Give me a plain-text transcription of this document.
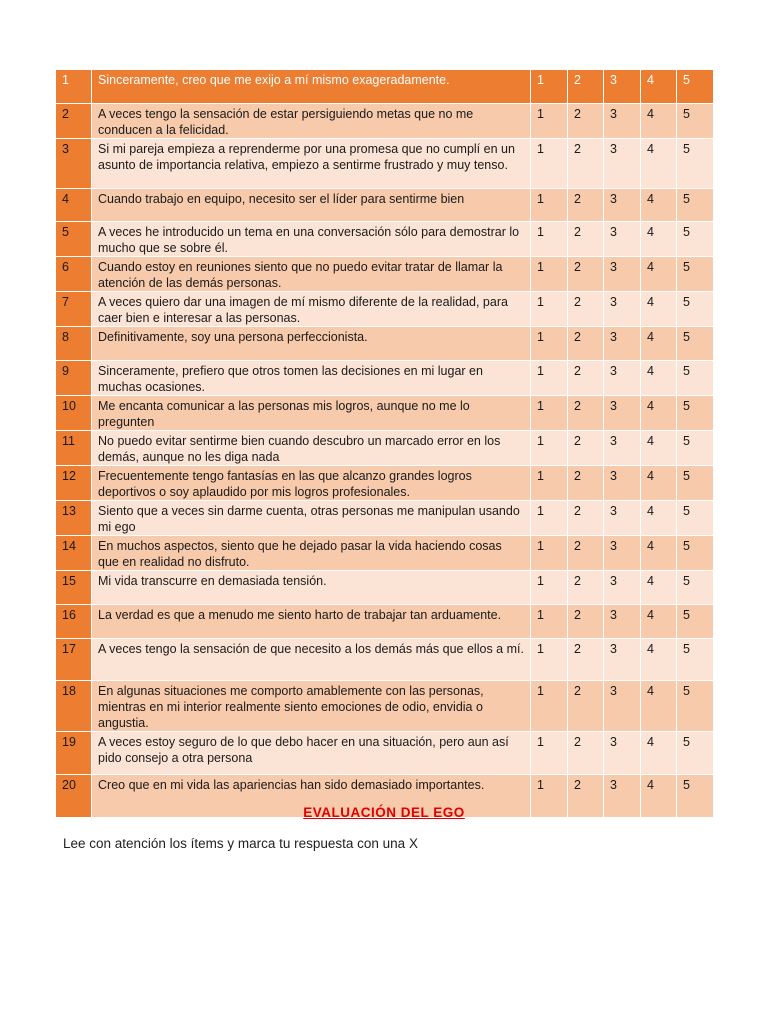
1	Sinceramente, creo que me exijo a mí mismo exageradamente.	1	2	3	4	5
2	A veces tengo la sensación de estar persiguiendo metas que no me conducen a la felicidad.	1	2	3	4	5
3	Si mi pareja empieza a reprenderme por una promesa que no cumplí en un asunto de importancia relativa, empiezo a sentirme frustrado y muy tenso.	1	2	3	4	5
4	Cuando trabajo en equipo, necesito ser el líder para sentirme bien	1	2	3	4	5
5	A veces he introducido un tema en una conversación sólo para demostrar lo mucho que se sobre él.	1	2	3	4	5
6	Cuando estoy en reuniones siento que no puedo evitar tratar de llamar la atención de las demás personas.	1	2	3	4	5
7	A veces quiero dar una imagen de mí mismo diferente de la realidad, para caer bien e interesar a las personas.	1	2	3	4	5
8	Definitivamente, soy una persona perfeccionista.	1	2	3	4	5
9	Sinceramente, prefiero que otros tomen las decisiones en mi lugar en muchas ocasiones.	1	2	3	4	5
10	Me encanta comunicar a las personas mis logros, aunque no me lo pregunten	1	2	3	4	5
11	No puedo evitar sentirme bien cuando descubro un marcado error en los demás, aunque no les diga nada	1	2	3	4	5
12	Frecuentemente tengo fantasías en las que alcanzo grandes logros deportivos o soy aplaudido por mis logros profesionales.	1	2	3	4	5
13	Siento que a veces sin darme cuenta, otras personas me manipulan usando mi ego	1	2	3	4	5
14	En muchos aspectos, siento que he dejado pasar la vida haciendo cosas que en realidad no disfruto.	1	2	3	4	5
15	Mi vida transcurre en demasiada tensión.	1	2	3	4	5
16	La verdad es que a menudo me siento harto de trabajar tan arduamente.	1	2	3	4	5
17	A veces tengo la sensación de que necesito a los demás más que ellos a mí.	1	2	3	4	5
18	En algunas situaciones me comporto amablemente con las personas, mientras en mi interior realmente siento emociones de odio, envidia o angustia.	1	2	3	4	5
19	A veces estoy seguro de lo que debo hacer en una situación, pero aun así pido consejo a otra persona	1	2	3	4	5
20	Creo que en mi vida las apariencias han sido demasiado importantes.	1	2	3	4	5
EVALUACIÓN DEL EGO
Lee con atención los ítems y marca tu respuesta con una X
